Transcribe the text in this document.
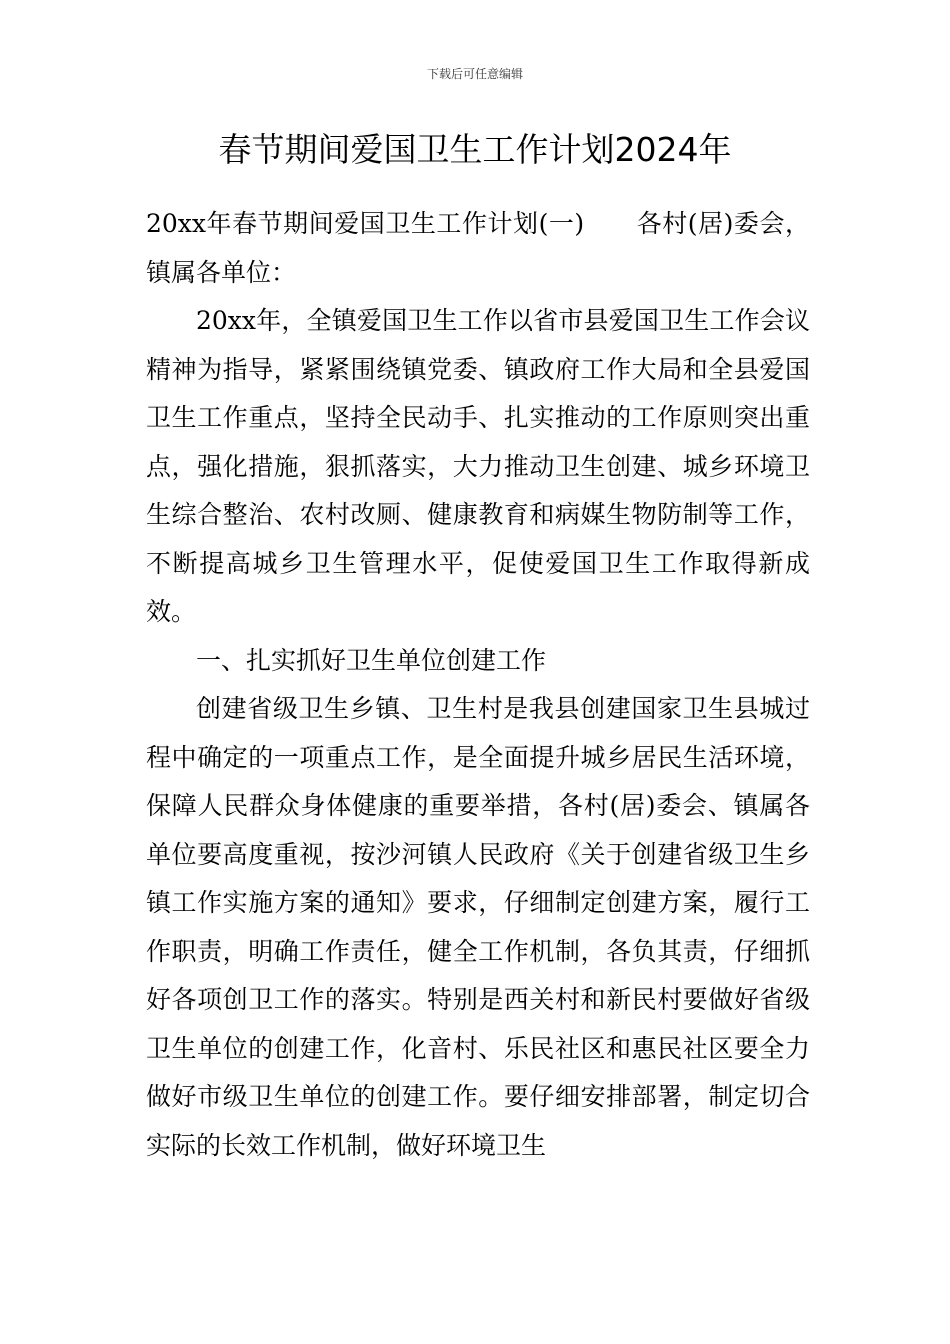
下载后可任意编辑
春节期间爱国卫生工作计划2024年

20xx年春节期间爱国卫生工作计划(一) 各村(居)委会，镇属各单位：

20xx年，全镇爱国卫生工作以省市县爱国卫生工作会议精神为指导，紧紧围绕镇党委、镇政府工作大局和全县爱国卫生工作重点，坚持全民动手、扎实推动的工作原则突出重点，强化措施，狠抓落实，大力推动卫生创建、城乡环境卫生综合整治、农村改厕、健康教育和病媒生物防制等工作，不断提高城乡卫生管理水平，促使爱国卫生工作取得新成效。

一、扎实抓好卫生单位创建工作

创建省级卫生乡镇、卫生村是我县创建国家卫生县城过程中确定的一项重点工作，是全面提升城乡居民生活环境，保障人民群众身体健康的重要举措，各村(居)委会、镇属各单位要高度重视，按沙河镇人民政府《关于创建省级卫生乡镇工作实施方案的通知》要求，仔细制定创建方案，履行工作职责，明确工作责任，健全工作机制，各负其责，仔细抓好各项创卫工作的落实。特别是西关村和新民村要做好省级卫生单位的创建工作，化音村、乐民社区和惠民社区要全力做好市级卫生单位的创建工作。要仔细安排部署，制定切合实际的长效工作机制，做好环境卫生
